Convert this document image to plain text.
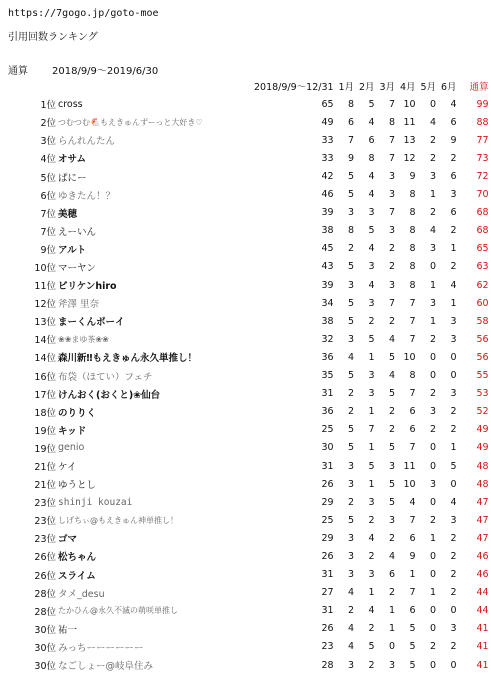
https://7gogo.jp/goto-moe
引用回数ランキング
通算 2018/9/9～2019/6/30
		2018/9/9～12/31	1月	2月	3月	4月	5月	6月	通算
1位	cross	65	8	5	7	10	0	4	99
2位	つむつむ🐔もえきゅんずーっと大好き♡	49	6	4	8	11	4	6	88
3位	らんれんたん	33	7	6	7	13	2	9	77
4位	オサム	33	9	8	7	12	2	2	73
5位	ぱにー	42	5	4	3	9	3	6	72
6位	ゆきたん！？	46	5	4	3	8	1	3	70
7位	美穂	39	3	3	7	8	2	6	68
7位	えーいん	38	8	5	3	8	4	2	68
9位	アルト	45	2	4	2	8	3	1	65
10位	マーヤン	43	5	3	2	8	0	2	63
11位	ビリケンhiro	39	3	4	3	8	1	4	62
12位	斧澤 里奈	34	5	3	7	7	3	1	60
13位	まーくんボーイ	38	5	2	2	7	1	3	58
14位	❀❀まゆ茶❀❀	32	3	5	4	7	2	3	56
14位	森川新‼もえきゅん永久単推し！	36	4	1	5	10	0	0	56
16位	布袋（ほてい）フェチ	35	5	3	4	8	0	0	55
17位	けんおく(おくと)❀仙台	31	2	3	5	7	2	3	53
18位	のりりく	36	2	1	2	6	3	2	52
19位	キッド	25	5	7	2	6	2	2	49
19位	genio	30	5	1	5	7	0	1	49
21位	ケイ	31	3	5	3	11	0	5	48
21位	ゆうとし	26	3	1	5	10	3	0	48
23位	shinji kouzai	29	2	3	5	4	0	4	47
23位	しげちぃ@もえきゅん神単推し！	25	5	2	3	7	2	3	47
23位	ゴマ	29	3	4	2	6	1	2	47
26位	松ちゃん	26	3	2	4	9	0	2	46
26位	スライム	31	3	3	6	1	0	2	46
28位	タメ_desu	27	4	1	2	7	1	2	44
28位	たかひん@永久不滅の萌咲単推し	31	2	4	1	6	0	0	44
30位	祐一	26	4	2	1	5	0	3	41
30位	みっちーーーーーー	23	4	5	0	5	2	2	41
30位	なごしょー@岐阜住み	28	3	2	3	5	0	0	41
